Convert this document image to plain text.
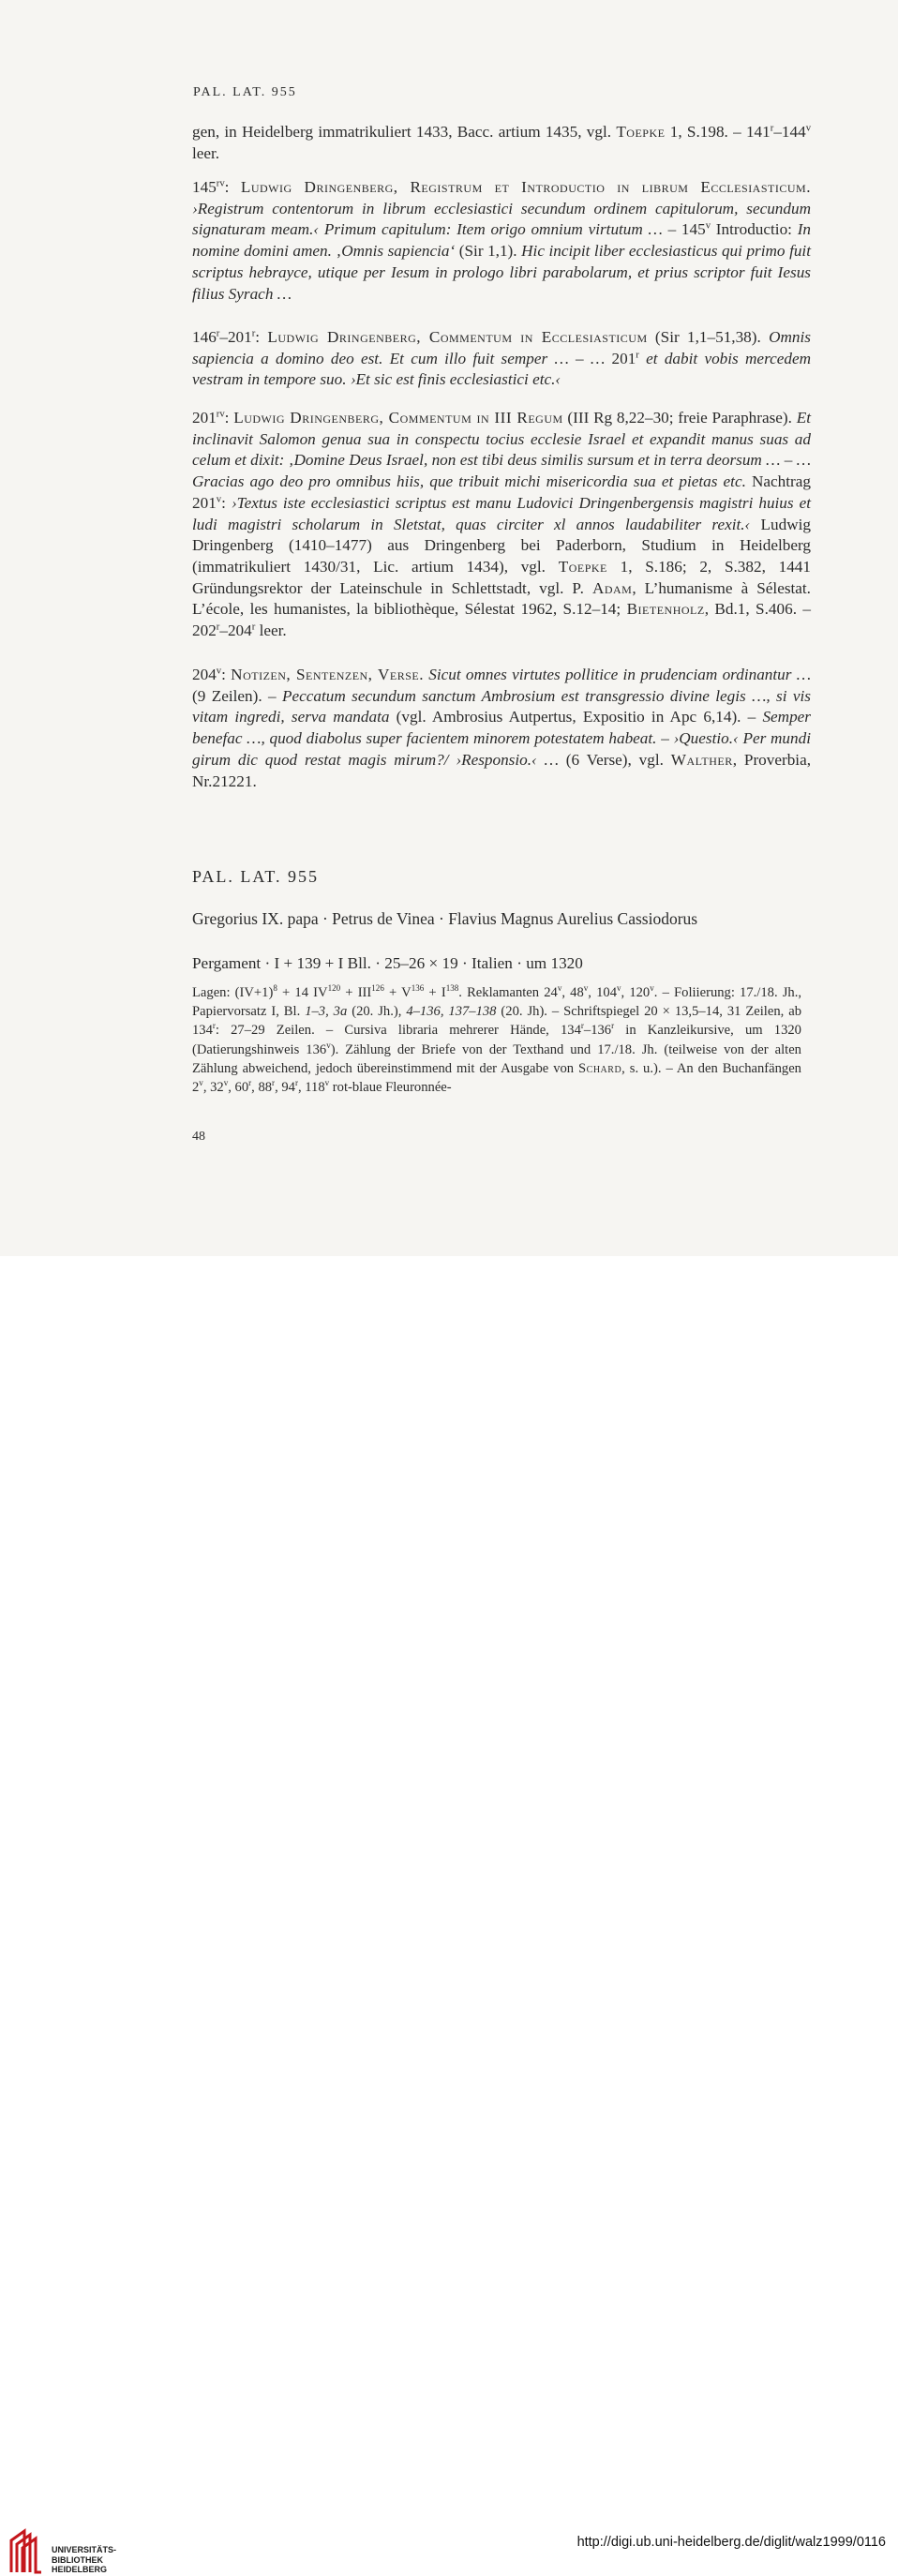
PAL. LAT. 955

gen, in Heidelberg immatrikuliert 1433, Bacc. artium 1435, vgl. Toepke 1, S.198. – 141$^r$–144$^v$ leer.

$145^{rv}$: Ludwig Dringenberg, Registrum et Introductio in librum Ecclesiasticum. ›Registrum contentorum in librum ecclesiastici secundum ordinem capitulorum, secundum signaturam meam.‹ Primum capitulum: Item origo omnium virtutum … – 145$^v$ Introductio: In nomine domini amen. ‚Omnis sapiencia‘ (Sir 1,1). Hic incipit liber ecclesiasticus qui primo fuit scriptus hebrayce, utique per Iesum in prologo libri parabolarum, et prius scriptor fuit Iesus filius Syrach …

146$^r$–201$^r$: Ludwig Dringenberg, Commentum in Ecclesiasticum (Sir 1,1–51,38). Omnis sapiencia a domino deo est. Et cum illo fuit semper … – … 201$^r$ et dabit vobis mercedem vestram in tempore suo. ›Et sic est finis ecclesiastici etc.‹

$201^{rv}$: Ludwig Dringenberg, Commentum in III Regum (III Rg 8,22–30; freie Paraphrase). Et inclinavit Salomon genua sua in conspectu tocius ecclesie Israel et expandit manus suas ad celum et dixit: ‚Domine Deus Israel, non est tibi deus similis sursum et in terra deorsum … – … Gracias ago deo pro omnibus hiis, que tribuit michi misericordia sua et pietas etc. Nachtrag 201$^v$: ›Textus iste ecclesiastici scriptus est manu Ludovici Dringenbergensis magistri huius et ludi magistri scholarum in Sletstat, quas circiter xl annos laudabiliter rexit.‹ Ludwig Dringenberg (1410–1477) aus Dringenberg bei Paderborn, Studium in Heidelberg (immatrikuliert 1430/31, Lic. artium 1434), vgl. Toepke 1, S.186; 2, S.382, 1441 Gründungsrektor der Lateinschule in Schlettstadt, vgl. P. Adam, L’humanisme à Sélestat. L’école, les humanistes, la bibliothèque, Sélestat 1962, S.12–14; Bietenholz, Bd.1, S.406. – 202$^r$–204$^r$ leer.

204$^v$: Notizen, Sentenzen, Verse. Sicut omnes virtutes pollitice in prudenciam ordinantur … (9 Zeilen). – Peccatum secundum sanctum Ambrosium est transgressio divine legis …, si vis vitam ingredi, serva mandata (vgl. Ambrosius Autpertus, Expositio in Apc 6,14). – Semper benefac …, quod diabolus super facientem minorem potestatem habeat. – ›Questio.‹ Per mundi girum dic quod restat magis mirum?/ ›Responsio.‹ … (6 Verse), vgl. Walther, Proverbia, Nr.21221.

PAL. LAT. 955
Gregorius IX. papa · Petrus de Vinea · Flavius Magnus Aurelius Cassiodorus
Pergament · I + 139 + I Bll. · 25–26 × 19 · Italien · um 1320

Lagen: $(IV+1)^8 + 14$ $IV^{120} + III^{126} + V^{136} + I^{138}$. Reklamanten 24$^v$, 48$^v$, 104$^v$, 120$^v$. – Foliierung: 17./18. Jh., Papiervorsatz I, Bl. 1–3, 3a (20. Jh.), 4–136, 137–138 (20. Jh). – Schriftspiegel 20 × 13,5–14, 31 Zeilen, ab 134$^r$: 27–29 Zeilen. – Cursiva libraria mehrerer Hände, 134$^r$–136$^r$ in Kanzleikursive, um 1320 (Datierungshinweis 136$^v$). Zählung der Briefe von der Texthand und 17./18. Jh. (teilweise von der alten Zählung abweichend, jedoch übereinstimmend mit der Ausgabe von Schard, s. u.). – An den Buchanfängen 2$^v$, 32$^v$, 60$^r$, 88$^r$, 94$^r$, 118$^v$ rot-blaue Fleuronnée-

48
UNIVERSITÄTS-
BIBLIOTHEK
HEIDELBERG
http://digi.ub.uni-heidelberg.de/diglit/walz1999/0116
